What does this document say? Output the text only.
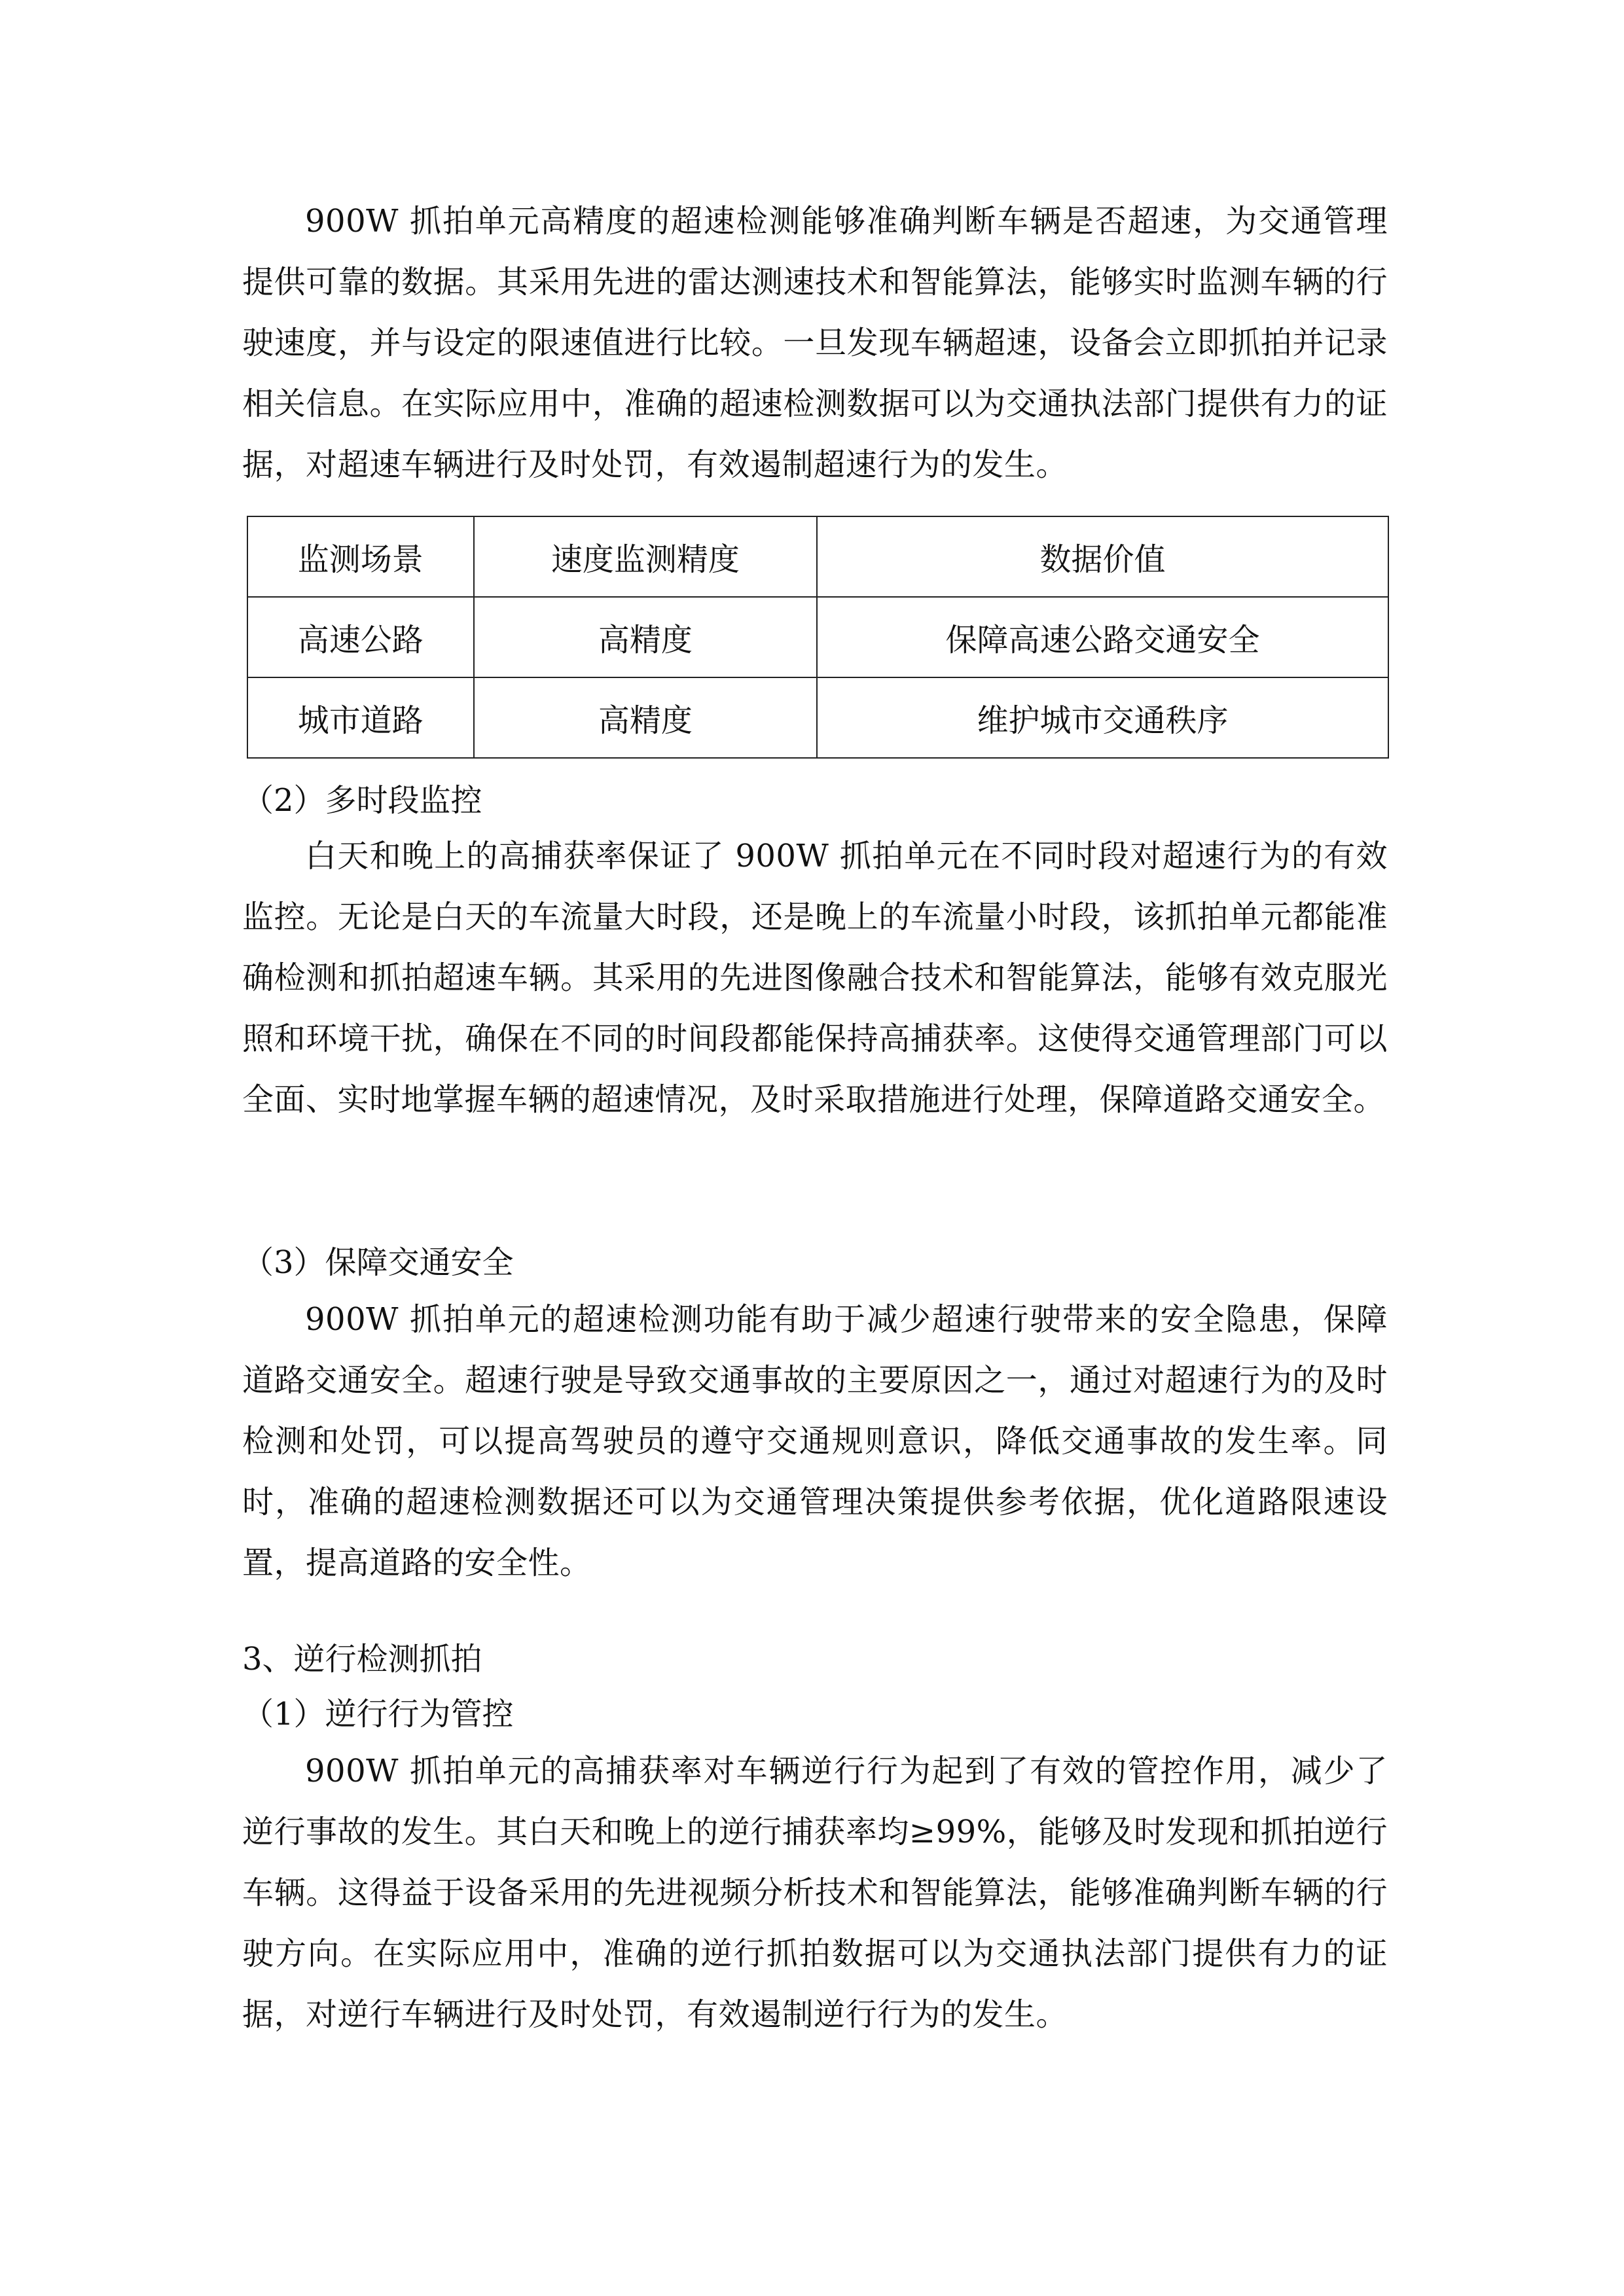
900W 抓拍单元高精度的超速检测能够准确判断车辆是否超速，为交通管理提供可靠的数据。其采用先进的雷达测速技术和智能算法，能够实时监测车辆的行驶速度，并与设定的限速值进行比较。一旦发现车辆超速，设备会立即抓拍并记录相关信息。在实际应用中，准确的超速检测数据可以为交通执法部门提供有力的证据，对超速车辆进行及时处罚，有效遏制超速行为的发生。

监测场景	速度监测精度	数据价值
高速公路	高精度	保障高速公路交通安全
城市道路	高精度	维护城市交通秩序

（2）多时段监控

白天和晚上的高捕获率保证了 900W 抓拍单元在不同时段对超速行为的有效监控。无论是白天的车流量大时段，还是晚上的车流量小时段，该抓拍单元都能准确检测和抓拍超速车辆。其采用的先进图像融合技术和智能算法，能够有效克服光照和环境干扰，确保在不同的时间段都能保持高捕获率。这使得交通管理部门可以全面、实时地掌握车辆的超速情况，及时采取措施进行处理，保障道路交通安全。

（3）保障交通安全

900W 抓拍单元的超速检测功能有助于减少超速行驶带来的安全隐患，保障道路交通安全。超速行驶是导致交通事故的主要原因之一，通过对超速行为的及时检测和处罚，可以提高驾驶员的遵守交通规则意识，降低交通事故的发生率。同时，准确的超速检测数据还可以为交通管理决策提供参考依据，优化道路限速设置，提高道路的安全性。

3、逆行检测抓拍

（1）逆行行为管控

900W 抓拍单元的高捕获率对车辆逆行行为起到了有效的管控作用，减少了逆行事故的发生。其白天和晚上的逆行捕获率均≥99%，能够及时发现和抓拍逆行车辆。这得益于设备采用的先进视频分析技术和智能算法，能够准确判断车辆的行驶方向。在实际应用中，准确的逆行抓拍数据可以为交通执法部门提供有力的证据，对逆行车辆进行及时处罚，有效遏制逆行行为的发生。
